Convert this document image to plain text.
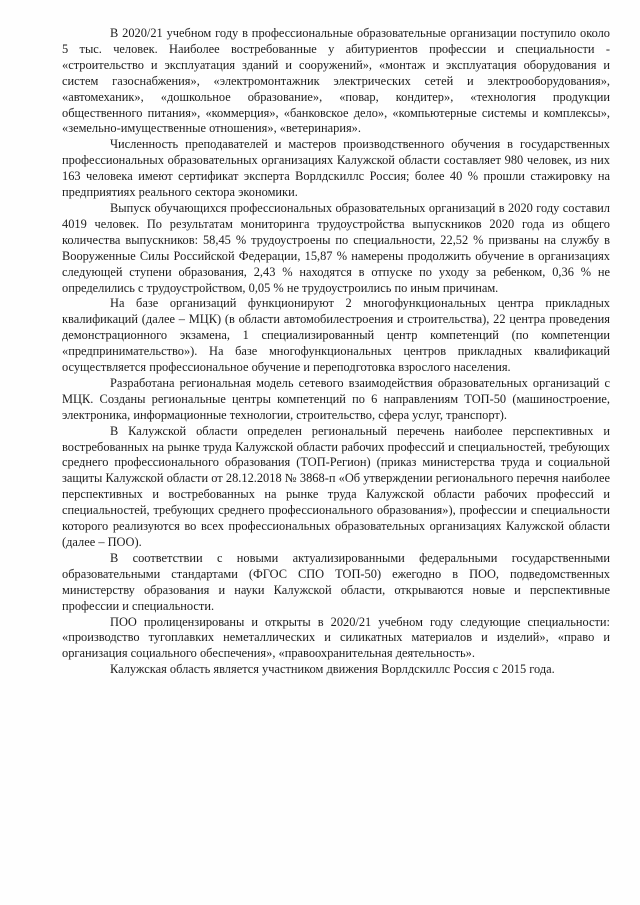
В 2020/21 учебном году в профессиональные образовательные организации поступило около 5 тыс. человек. Наиболее востребованные у абитуриентов профессии и специальности - «строительство и эксплуатация зданий и сооружений», «монтаж и эксплуатация оборудования и систем газоснабжения», «электромонтажник электрических сетей и электрооборудования», «автомеханик», «дошкольное образование», «повар, кондитер», «технология продукции общественного питания», «коммерция», «банковское дело», «компьютерные системы и комплексы», «земельно-имущественные отношения», «ветеринария».

Численность преподавателей и мастеров производственного обучения в государственных профессиональных образовательных организациях Калужской области составляет 980 человек, из них 163 человека имеют сертификат эксперта Ворлдскиллс Россия; более 40 % прошли стажировку на предприятиях реального сектора экономики.

Выпуск обучающихся профессиональных образовательных организаций в 2020 году составил 4019 человек. По результатам мониторинга трудоустройства выпускников 2020 года из общего количества выпускников: 58,45 % трудоустроены по специальности, 22,52 % призваны на службу в Вооруженные Силы Российской Федерации, 15,87 % намерены продолжить обучение в организациях следующей ступени образования, 2,43 % находятся в отпуске по уходу за ребенком, 0,36 % не определились с трудоустройством, 0,05 % не трудоустроились по иным причинам.

На базе организаций функционируют 2 многофункциональных центра прикладных квалификаций (далее – МЦК) (в области автомобилестроения и строительства), 22 центра проведения демонстрационного экзамена, 1 специализированный центр компетенций (по компетенции «предпринимательство»). На базе многофункциональных центров прикладных квалификаций осуществляется профессиональное обучение и переподготовка взрослого населения.

Разработана региональная модель сетевого взаимодействия образовательных организаций с МЦК. Созданы региональные центры компетенций по 6 направлениям ТОП-50 (машиностроение, электроника, информационные технологии, строительство, сфера услуг, транспорт).

В Калужской области определен региональный перечень наиболее перспективных и востребованных на рынке труда Калужской области рабочих профессий и специальностей, требующих среднего профессионального образования (ТОП-Регион) (приказ министерства труда и социальной защиты Калужской области от 28.12.2018 № 3868-п «Об утверждении регионального перечня наиболее перспективных и востребованных на рынке труда Калужской области рабочих профессий и специальностей, требующих среднего профессионального образования»), профессии и специальности которого реализуются во всех профессиональных образовательных организациях Калужской области (далее – ПОО).

В соответствии с новыми актуализированными федеральными государственными образовательными стандартами (ФГОС СПО ТОП-50) ежегодно в ПОО, подведомственных министерству образования и науки Калужской области, открываются новые и перспективные профессии и специальности.

ПОО пролицензированы и открыты в 2020/21 учебном году следующие специальности: «производство тугоплавких неметаллических и силикатных материалов и изделий», «право и организация социального обеспечения», «правоохранительная деятельность».

Калужская область является участником движения Ворлдскиллс Россия с 2015 года.
